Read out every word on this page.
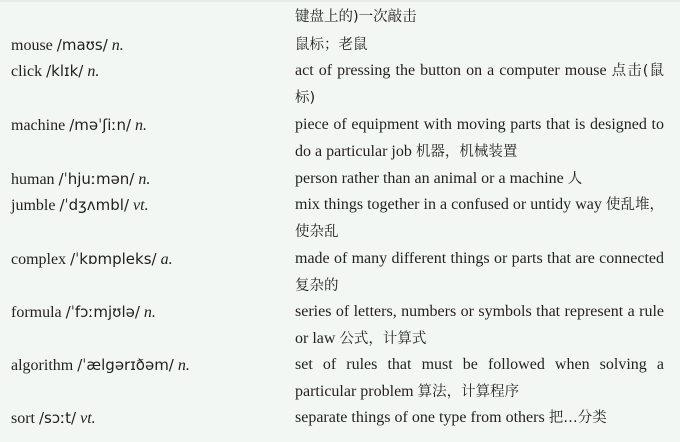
键盘上的)一次敲击
mouse /maʊs/ n.	鼠标；老鼠
click /klɪk/ n.	act of pressing the button on a computer mouse 点击(鼠标)
machine /məˈʃiːn/ n.	piece of equipment with moving parts that is designed to do a particular job 机器，机械装置
human /ˈhjuːmən/ n.	person rather than an animal or a machine 人
jumble /ˈdʒʌmbl/ vt.	mix things together in a confused or untidy way 使乱堆，使杂乱
complex /ˈkɒmpleks/ a.	made of many different things or parts that are connected 复杂的
formula /ˈfɔːmjʊlə/ n.	series of letters, numbers or symbols that represent a rule or law 公式，计算式
algorithm /ˈælgərɪðəm/ n.	set of rules that must be followed when solving a particular problem 算法，计算程序
sort /sɔːt/ vt.	separate things of one type from others 把…分类
